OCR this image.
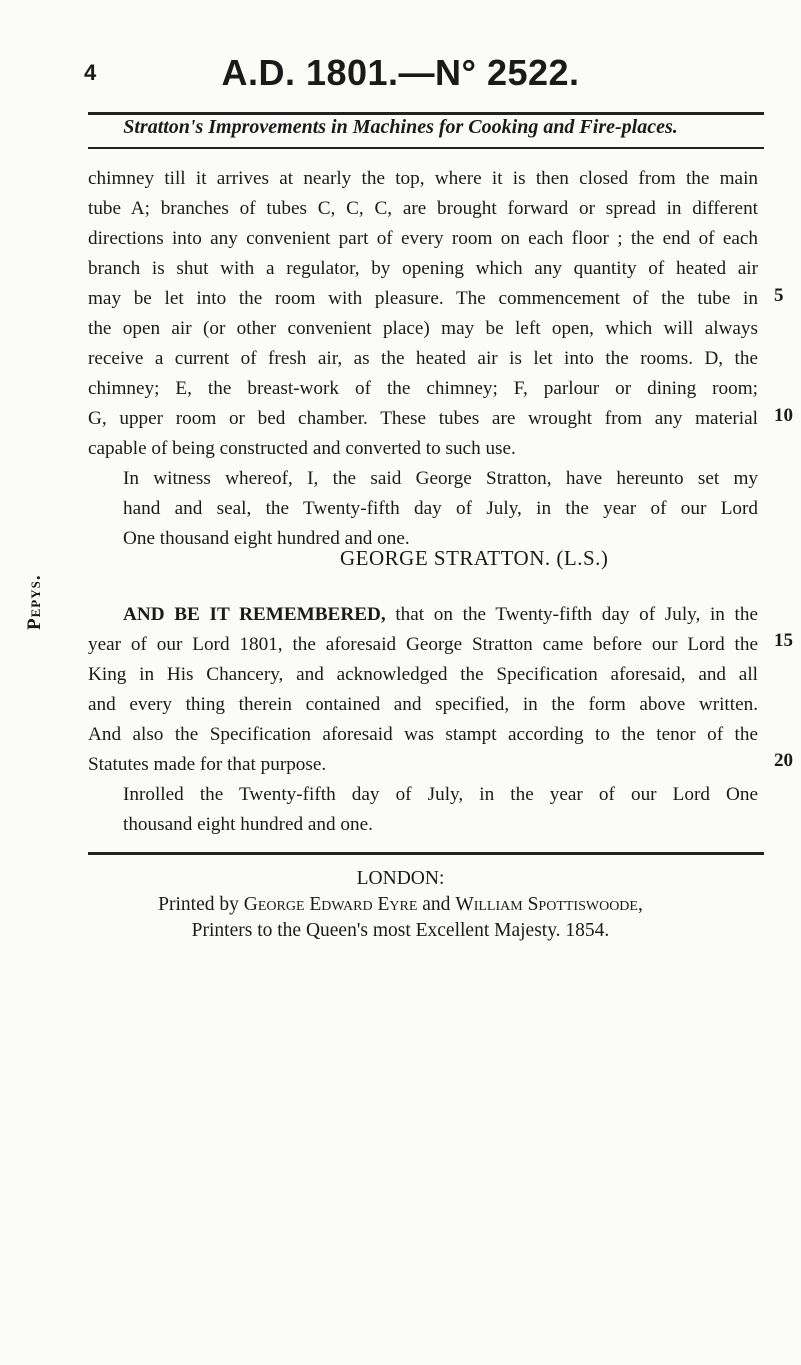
4	A.D. 1801.—N° 2522.
Stratton's Improvements in Machines for Cooking and Fire-places.
Pepys.
chimney till it arrives at nearly the top, where it is then closed from the main
tube A; branches of tubes C, C, C, are brought forward or spread in different
directions into any convenient part of every room on each floor ; the end of each
branch is shut with a regulator, by opening which any quantity of heated air
may be let into the room with pleasure. The commencement of the tube in
the open air (or other convenient place) may be left open, which will always
receive a current of fresh air, as the heated air is let into the rooms. D, the
chimney; E, the breast-work of the chimney; F, parlour or dining room;
G, upper room or bed chamber. These tubes are wrought from any material
capable of being constructed and converted to such use.
In witness whereof, I, the said George Stratton, have hereunto set my
hand and seal, the Twenty-fifth day of July, in the year of our Lord
One thousand eight hundred and one.
GEORGE STRATTON. (L.S.)
AND BE IT REMEMBERED, that on the Twenty-fifth day of July, in the
year of our Lord 1801, the aforesaid George Stratton came before our Lord the
King in His Chancery, and acknowledged the Specification aforesaid, and all
and every thing therein contained and specified, in the form above written.
And also the Specification aforesaid was stampt according to the tenor of the
Statutes made for that purpose.
Inrolled the Twenty-fifth day of July, in the year of our Lord One
thousand eight hundred and one.
5
10
15
20
LONDON:
Printed by George Edward Eyre and William Spottiswoode,
Printers to the Queen's most Excellent Majesty. 1854.
